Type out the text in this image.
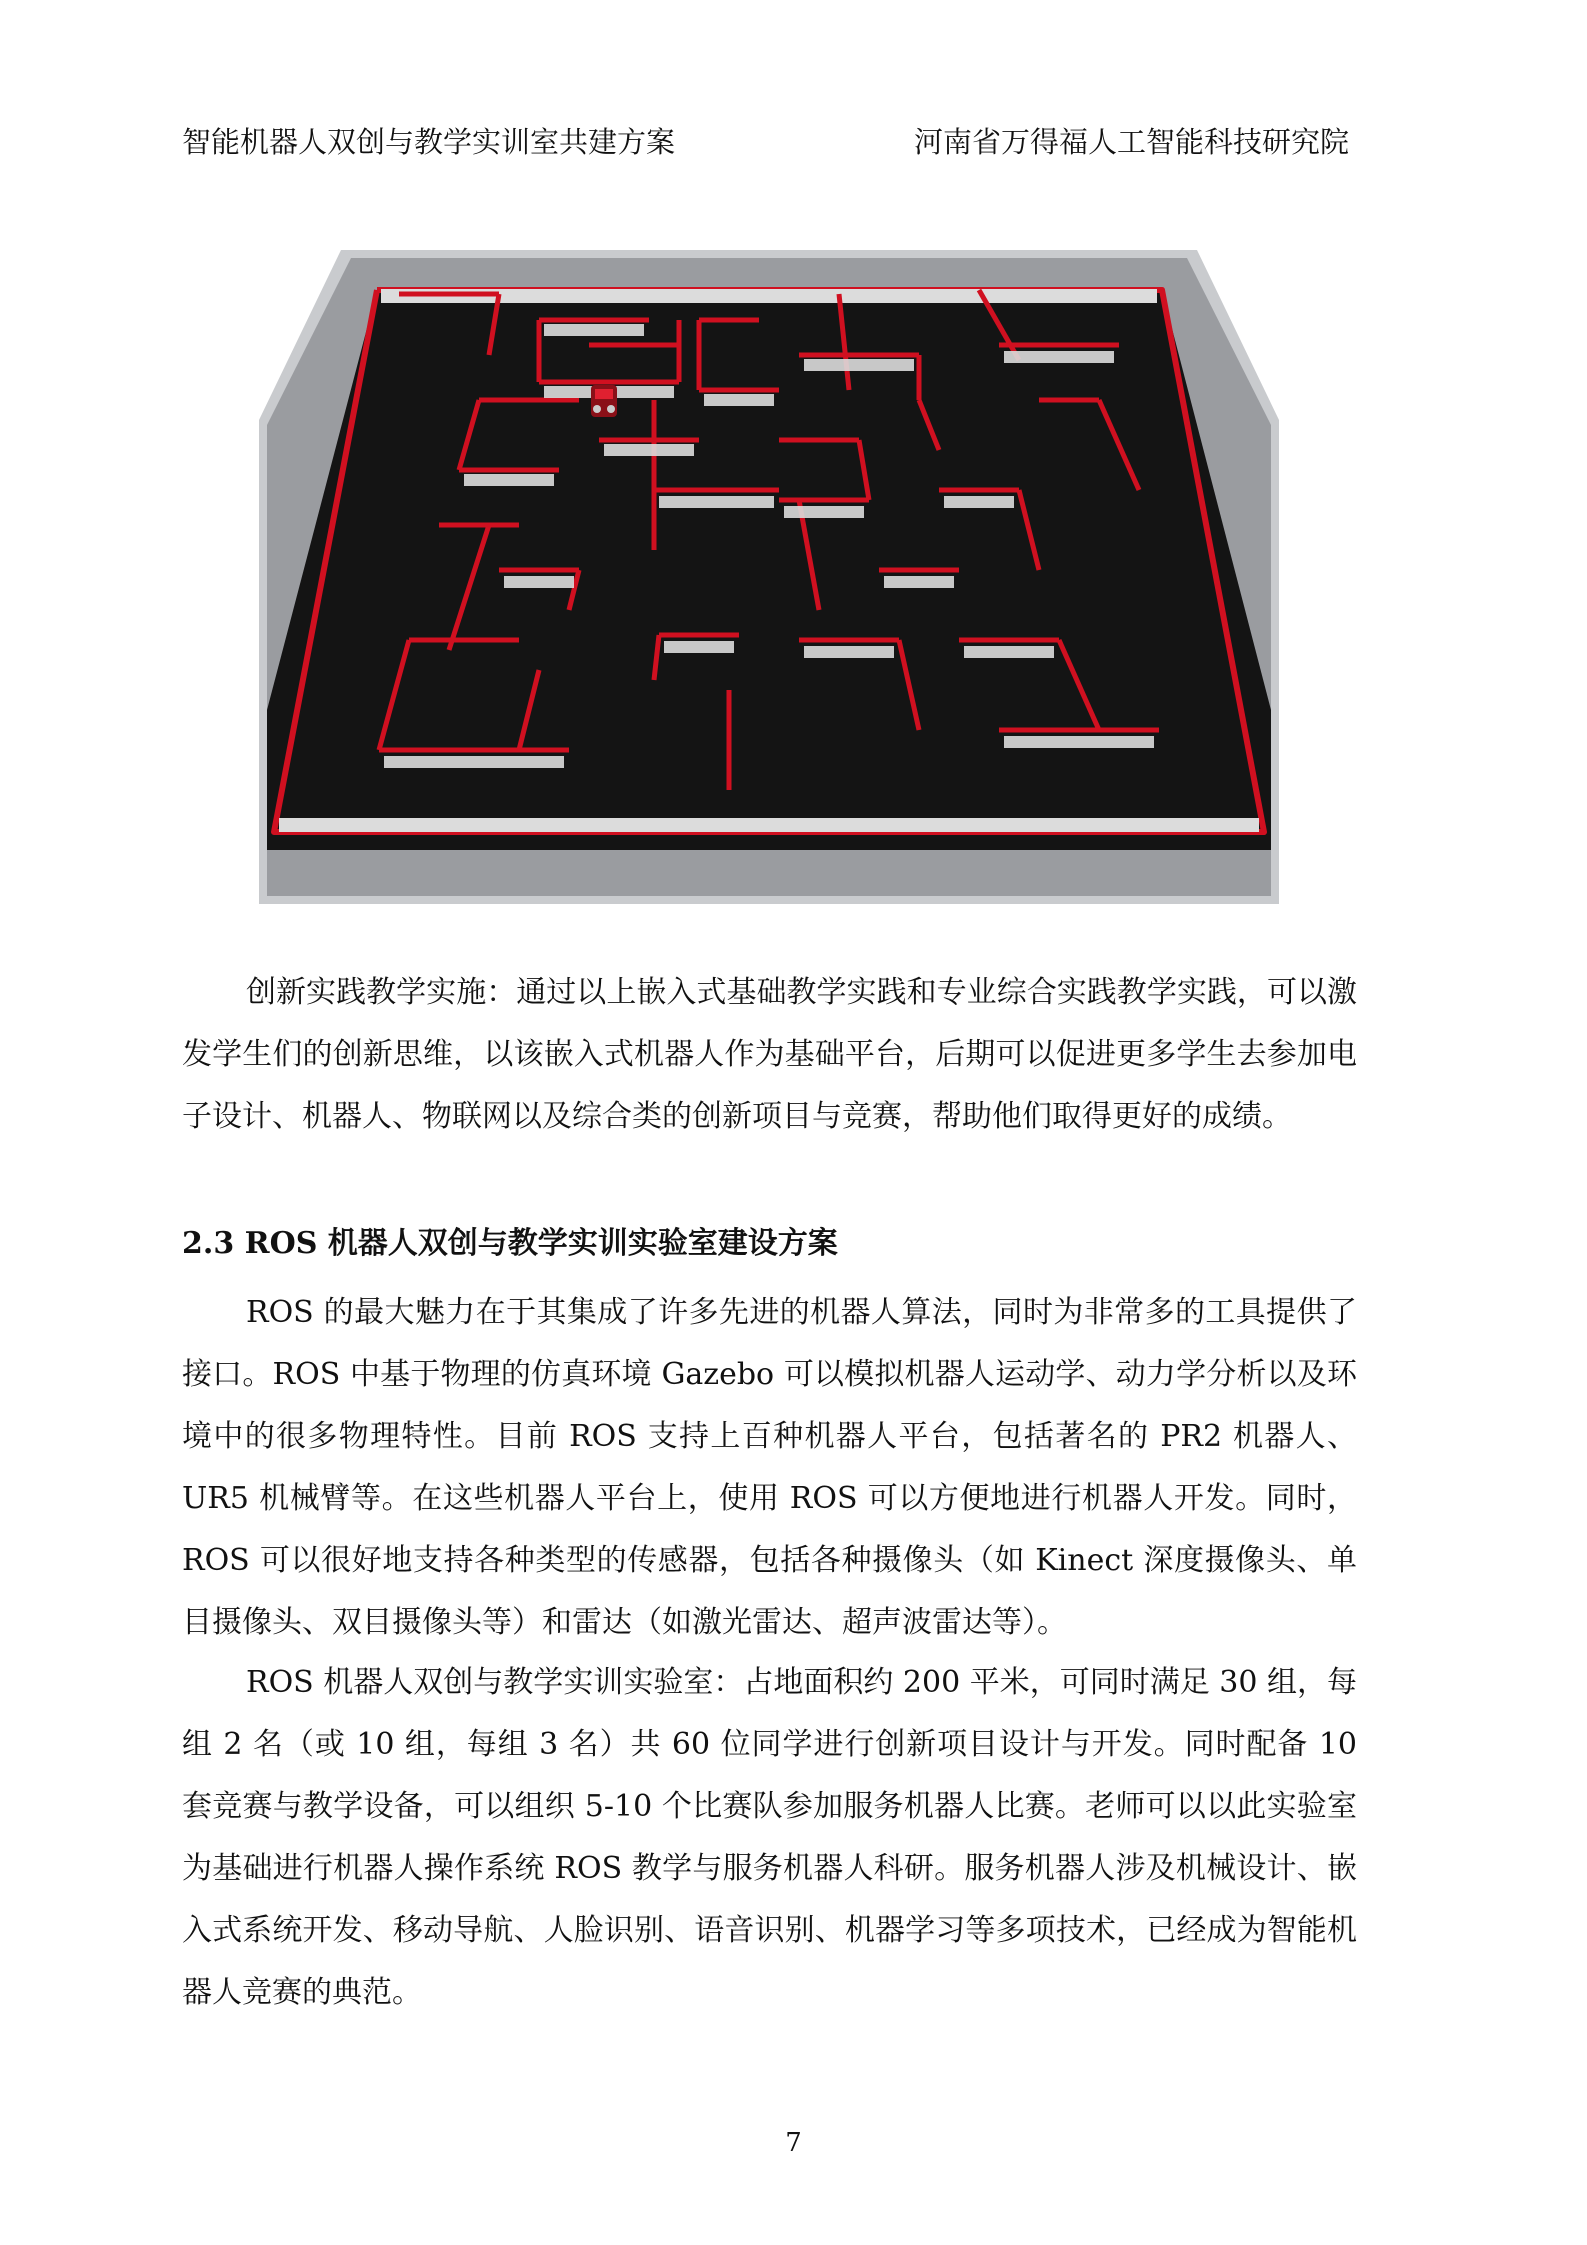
智能机器人双创与教学实训室共建方案	河南省万得福人工智能科技研究院

创新实践教学实施：通过以上嵌入式基础教学实践和专业综合实践教学实践，可以激发学生们的创新思维，以该嵌入式机器人作为基础平台，后期可以促进更多学生去参加电子设计、机器人、物联网以及综合类的创新项目与竞赛，帮助他们取得更好的成绩。

2.3 ROS 机器人双创与教学实训实验室建设方案

ROS 的最大魅力在于其集成了许多先进的机器人算法，同时为非常多的工具提供了接口。ROS 中基于物理的仿真环境 Gazebo 可以模拟机器人运动学、动力学分析以及环境中的很多物理特性。目前 ROS 支持上百种机器人平台，包括著名的 PR2 机器人、UR5 机械臂等。在这些机器人平台上，使用 ROS 可以方便地进行机器人开发。同时，ROS 可以很好地支持各种类型的传感器，包括各种摄像头（如 Kinect 深度摄像头、单目摄像头、双目摄像头等）和雷达（如激光雷达、超声波雷达等）。

ROS 机器人双创与教学实训实验室：占地面积约 200 平米，可同时满足 30 组，每组 2 名（或 10 组，每组 3 名）共 60 位同学进行创新项目设计与开发。同时配备 10 套竞赛与教学设备，可以组织 5-10 个比赛队参加服务机器人比赛。老师可以以此实验室为基础进行机器人操作系统 ROS 教学与服务机器人科研。服务机器人涉及机械设计、嵌入式系统开发、移动导航、人脸识别、语音识别、机器学习等多项技术，已经成为智能机器人竞赛的典范。

7
